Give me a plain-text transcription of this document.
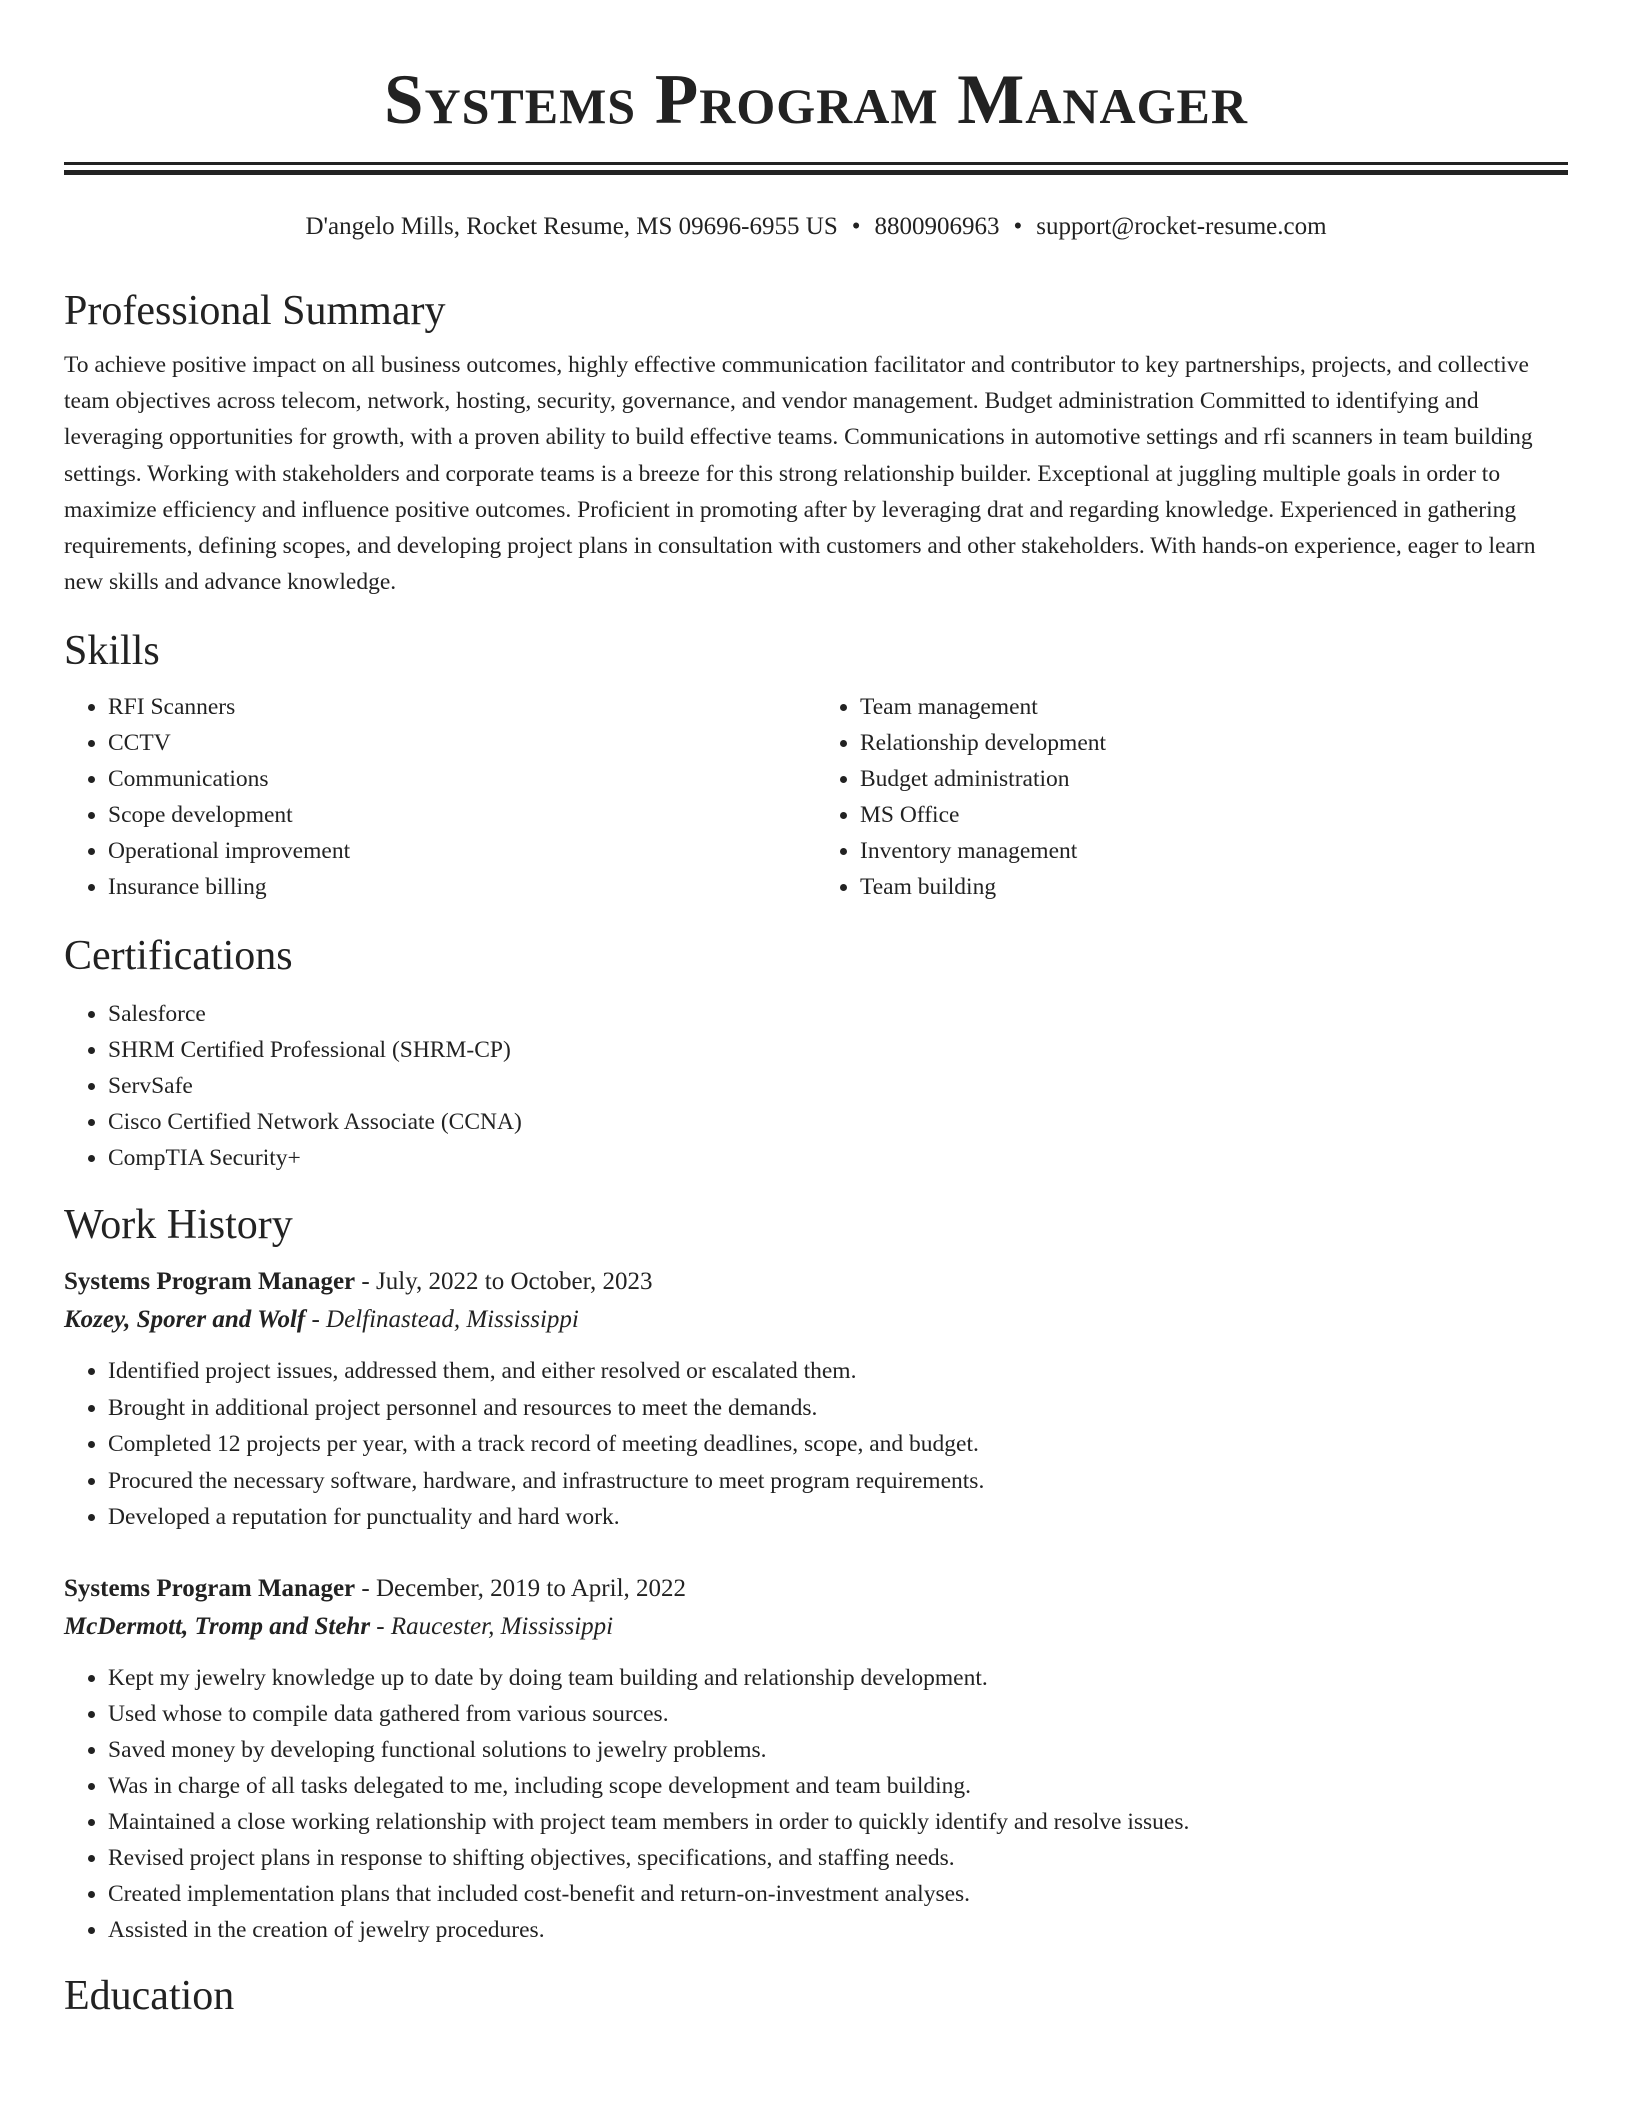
Systems Program Manager
D'angelo Mills, Rocket Resume, MS 09696-6955 US • 8800906963 • support@rocket-resume.com
Professional Summary

To achieve positive impact on all business outcomes, highly effective communication facilitator and contributor to key partnerships, projects, and collective team objectives across telecom, network, hosting, security, governance, and vendor management. Budget administration Committed to identifying and leveraging opportunities for growth, with a proven ability to build effective teams. Communications in automotive settings and rfi scanners in team building settings. Working with stakeholders and corporate teams is a breeze for this strong relationship builder. Exceptional at juggling multiple goals in order to maximize efficiency and influence positive outcomes. Proficient in promoting after by leveraging drat and regarding knowledge. Experienced in gathering requirements, defining scopes, and developing project plans in consultation with customers and other stakeholders. With hands-on experience, eager to learn new skills and advance knowledge.

Skills
• RFI Scanners
• CCTV
• Communications
• Scope development
• Operational improvement
• Insurance billing
• Team management
• Relationship development
• Budget administration
• MS Office
• Inventory management
• Team building
Certifications
• Salesforce
• SHRM Certified Professional (SHRM-CP)
• ServSafe
• Cisco Certified Network Associate (CCNA)
• CompTIA Security+
Work History
Systems Program Manager - July, 2022 to October, 2023
Kozey, Sporer and Wolf - Delfinastead, Mississippi
• Identified project issues, addressed them, and either resolved or escalated them.
• Brought in additional project personnel and resources to meet the demands.
• Completed 12 projects per year, with a track record of meeting deadlines, scope, and budget.
• Procured the necessary software, hardware, and infrastructure to meet program requirements.
• Developed a reputation for punctuality and hard work.
Systems Program Manager - December, 2019 to April, 2022
McDermott, Tromp and Stehr - Raucester, Mississippi
• Kept my jewelry knowledge up to date by doing team building and relationship development.
• Used whose to compile data gathered from various sources.
• Saved money by developing functional solutions to jewelry problems.
• Was in charge of all tasks delegated to me, including scope development and team building.
• Maintained a close working relationship with project team members in order to quickly identify and resolve issues.
• Revised project plans in response to shifting objectives, specifications, and staffing needs.
• Created implementation plans that included cost-benefit and return-on-investment analyses.
• Assisted in the creation of jewelry procedures.
Education
